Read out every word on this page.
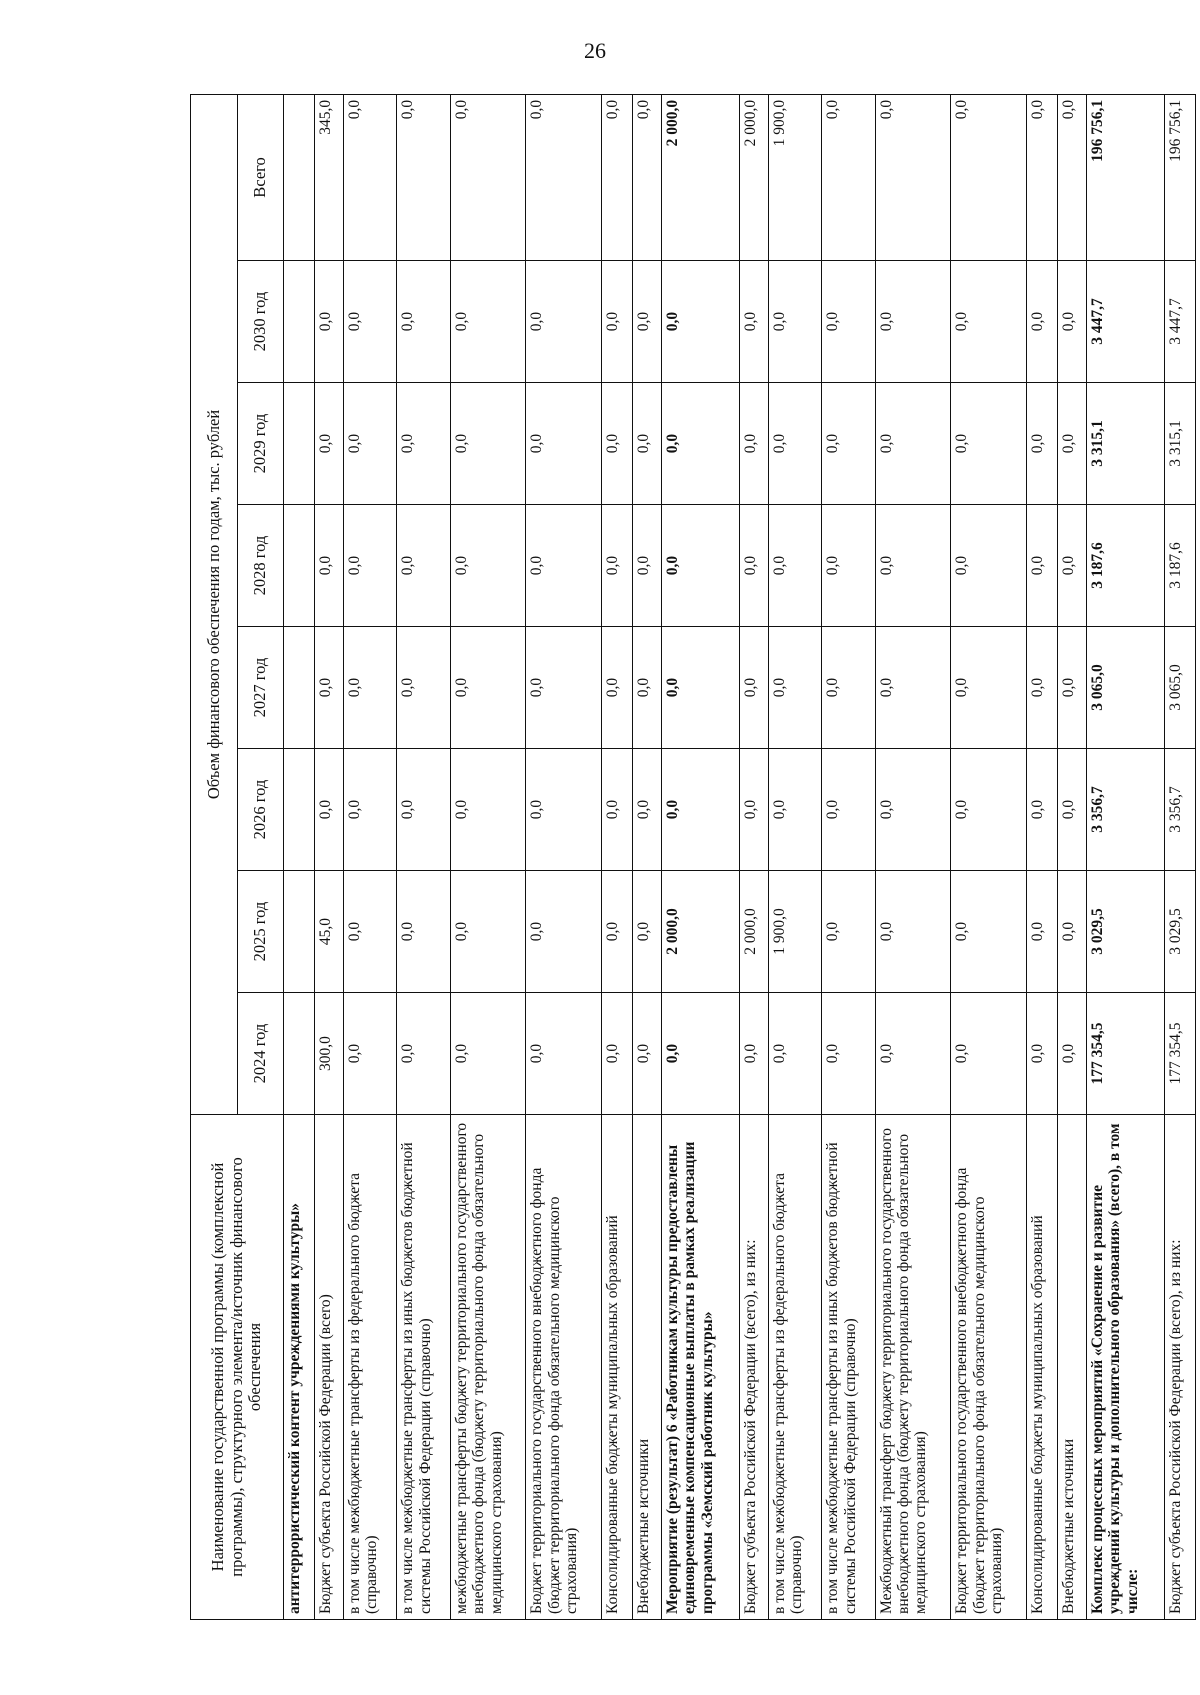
26
Наименование государственной программы (комплексной программы), структурного элемента/источник финансового обеспечения	Объем финансового обеспечения по годам, тыс. рублей							
	2024 год	2025 год	2026 год	2027 год	2028 год	2029 год	2030 год	Всего
антитеррористический контент учреждениями культуры»								
Бюджет субъекта Российской Федерации (всего)	300,0	45,0	0,0	0,0	0,0	0,0	0,0	345,0
в том числе межбюджетные трансферты из федерального бюджета (справочно)	0,0	0,0	0,0	0,0	0,0	0,0	0,0	0,0
в том числе межбюджетные трансферты из иных бюджетов бюджетной системы Российской Федерации (справочно)	0,0	0,0	0,0	0,0	0,0	0,0	0,0	0,0
межбюджетные трансферты бюджету территориального государственного внебюджетного фонда (бюджету территориального фонда обязательного медицинского страхования)	0,0	0,0	0,0	0,0	0,0	0,0	0,0	0,0
Бюджет территориального государственного внебюджетного фонда (бюджет территориального фонда обязательного медицинского страхования)	0,0	0,0	0,0	0,0	0,0	0,0	0,0	0,0
Консолидированные бюджеты муниципальных образований	0,0	0,0	0,0	0,0	0,0	0,0	0,0	0,0
Внебюджетные источники	0,0	0,0	0,0	0,0	0,0	0,0	0,0	0,0
Мероприятие (результат) 6 «Работникам культуры предоставлены единовременные компенсационные выплаты в рамках реализации программы «Земский работник культуры»	0,0	2 000,0	0,0	0,0	0,0	0,0	0,0	2 000,0
Бюджет субъекта Российской Федерации (всего), из них:	0,0	2 000,0	0,0	0,0	0,0	0,0	0,0	2 000,0
в том числе межбюджетные трансферты из федерального бюджета (справочно)	0,0	1 900,0	0,0	0,0	0,0	0,0	0,0	1 900,0
в том числе межбюджетные трансферты из иных бюджетов бюджетной системы Российской Федерации (справочно)	0,0	0,0	0,0	0,0	0,0	0,0	0,0	0,0
Межбюджетный трансферт бюджету территориального государственного внебюджетного фонда (бюджету территориального фонда обязательного медицинского страхования)	0,0	0,0	0,0	0,0	0,0	0,0	0,0	0,0
Бюджет территориального государственного внебюджетного фонда (бюджет территориального фонда обязательного медицинского страхования)	0,0	0,0	0,0	0,0	0,0	0,0	0,0	0,0
Консолидированные бюджеты муниципальных образований	0,0	0,0	0,0	0,0	0,0	0,0	0,0	0,0
Внебюджетные источники	0,0	0,0	0,0	0,0	0,0	0,0	0,0	0,0
Комплекс процессных мероприятий «Сохранение и развитие учреждений культуры и дополнительного образования» (всего), в том числе:	177 354,5	3 029,5	3 356,7	3 065,0	3 187,6	3 315,1	3 447,7	196 756,1
Бюджет субъекта Российской Федерации (всего), из них:	177 354,5	3 029,5	3 356,7	3 065,0	3 187,6	3 315,1	3 447,7	196 756,1
